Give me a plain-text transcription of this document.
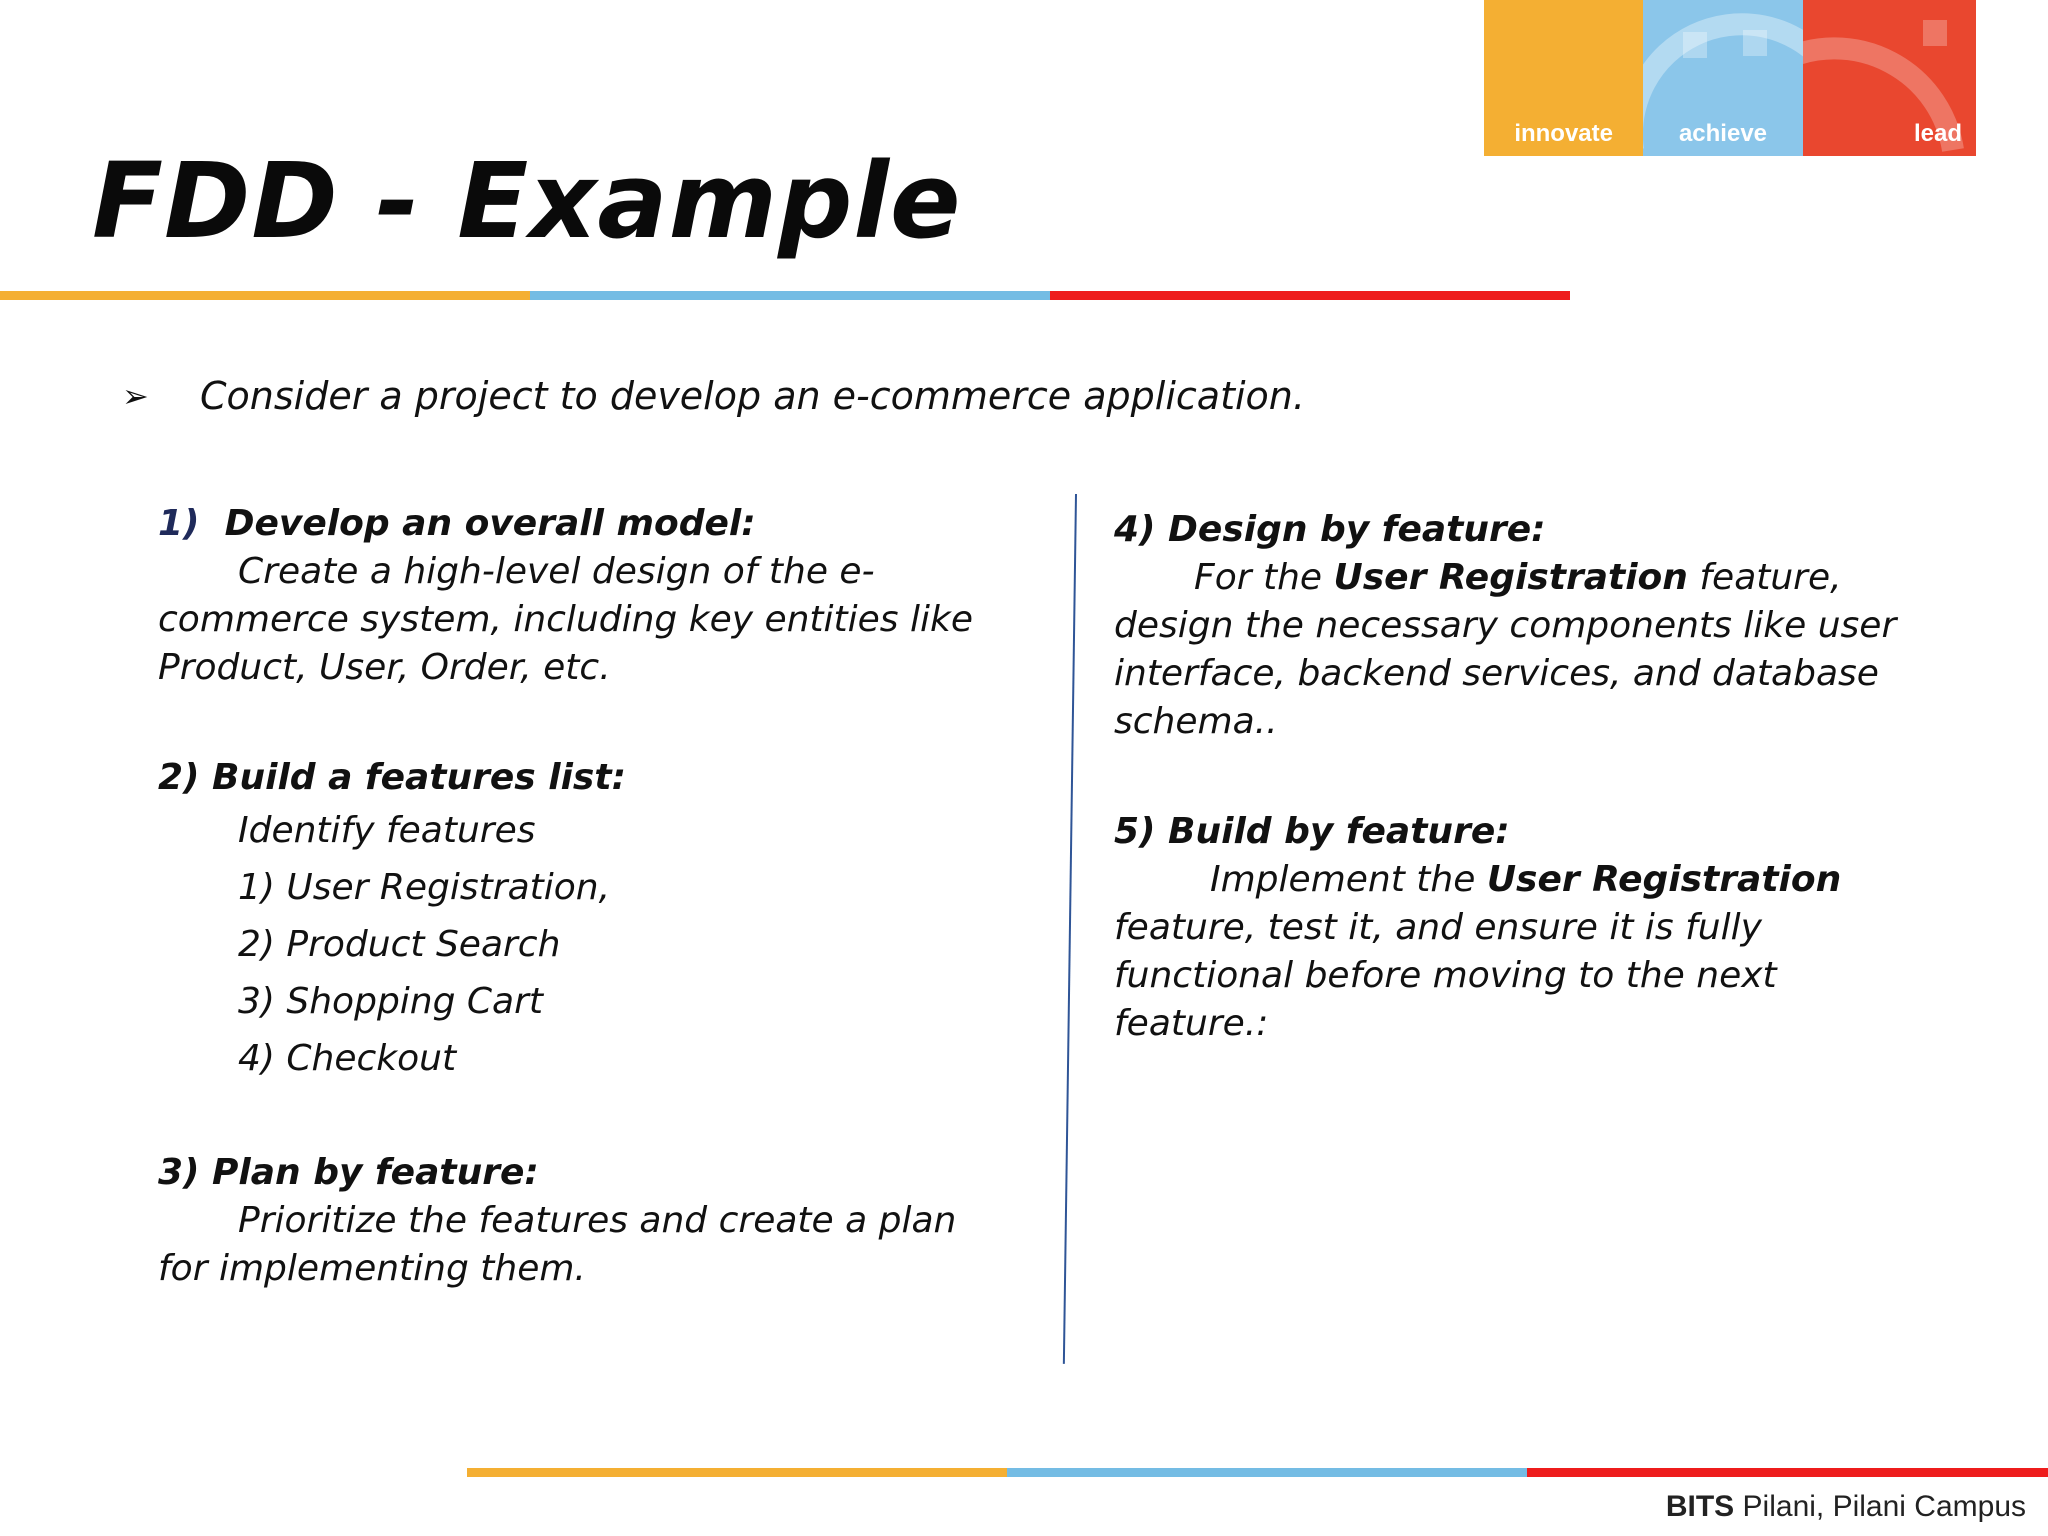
innovate	achieve	lead
FDD - Example
➢ Consider a project to develop an e-commerce application.
1) Develop an overall model:
Create a high-level design of the e-
commerce system, including key entities like
Product, User, Order, etc.
2) Build a features list:
Identify features
1) User Registration,
2) Product Search
3) Shopping Cart
4) Checkout
3) Plan by feature:
Prioritize the features and create a plan
for implementing them.
4) Design by feature:
For the User Registration feature,
design the necessary components like user
interface, backend services, and database
schema..
5) Build by feature:
Implement the User Registration
feature, test it, and ensure it is fully
functional before moving to the next
feature.:
BITS Pilani, Pilani Campus
